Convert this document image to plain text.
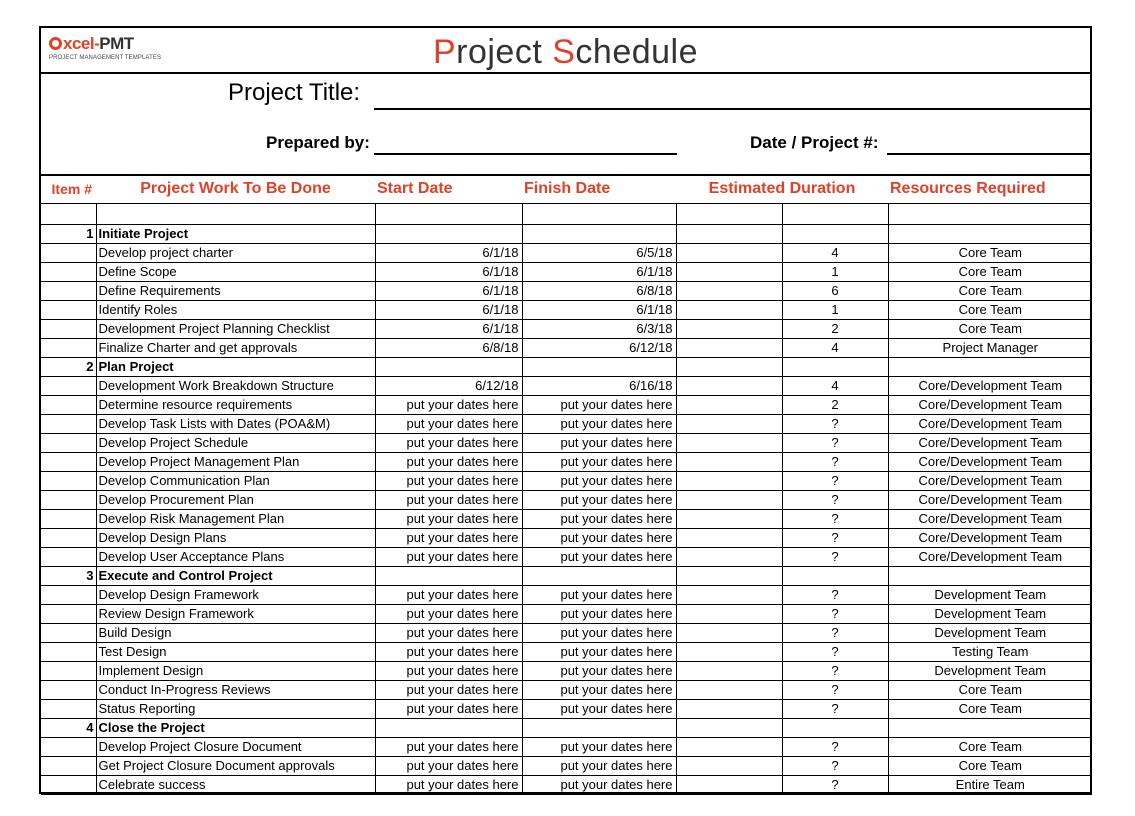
xcel-PMT
PROJECT MANAGEMENT TEMPLATES	Project Schedule
Project Title:
Prepared by:	Date / Project #:
Item #	Project Work To Be Done	Start Date	Finish Date	Estimated Duration		Resources Required

1	Initiate Project					
	Develop project charter	6/1/18	6/5/18		4	Core Team
	Define Scope	6/1/18	6/1/18		1	Core Team
	Define Requirements	6/1/18	6/8/18		6	Core Team
	Identify Roles	6/1/18	6/1/18		1	Core Team
	Development Project Planning Checklist	6/1/18	6/3/18		2	Core Team
	Finalize Charter and get approvals	6/8/18	6/12/18		4	Project Manager
2	Plan Project					
	Development Work Breakdown Structure	6/12/18	6/16/18		4	Core/Development Team
	Determine resource requirements	put your dates here	put your dates here		2	Core/Development Team
	Develop Task Lists with Dates (POA&M)	put your dates here	put your dates here		?	Core/Development Team
	Develop Project Schedule	put your dates here	put your dates here		?	Core/Development Team
	Develop Project Management Plan	put your dates here	put your dates here		?	Core/Development Team
	Develop Communication Plan	put your dates here	put your dates here		?	Core/Development Team
	Develop Procurement Plan	put your dates here	put your dates here		?	Core/Development Team
	Develop Risk Management Plan	put your dates here	put your dates here		?	Core/Development Team
	Develop Design Plans	put your dates here	put your dates here		?	Core/Development Team
	Develop User Acceptance Plans	put your dates here	put your dates here		?	Core/Development Team
3	Execute and Control Project					
	Develop Design Framework	put your dates here	put your dates here		?	Development Team
	Review Design Framework	put your dates here	put your dates here		?	Development Team
	Build Design	put your dates here	put your dates here		?	Development Team
	Test Design	put your dates here	put your dates here		?	Testing Team
	Implement Design	put your dates here	put your dates here		?	Development Team
	Conduct In-Progress Reviews	put your dates here	put your dates here		?	Core Team
	Status Reporting	put your dates here	put your dates here		?	Core Team
4	Close the Project					
	Develop Project Closure Document	put your dates here	put your dates here		?	Core Team
	Get Project Closure Document approvals	put your dates here	put your dates here		?	Core Team
	Celebrate success	put your dates here	put your dates here		?	Entire Team
